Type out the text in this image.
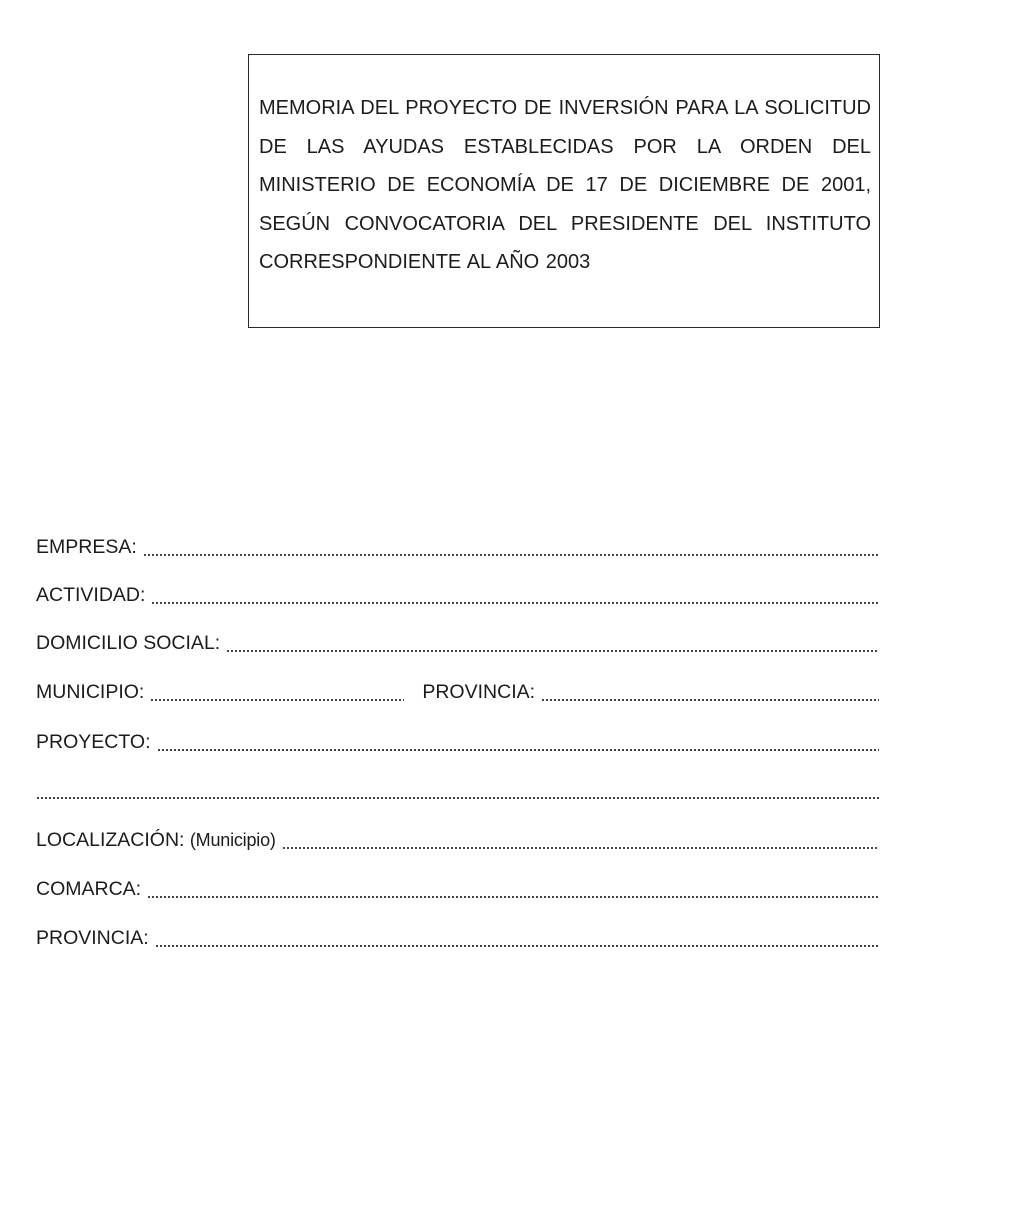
MEMORIA DEL PROYECTO DE INVERSIÓN PARA LA SOLICITUD DE LAS AYUDAS ESTABLECIDAS POR LA ORDEN DEL MINISTERIO DE ECONOMÍA DE 17 DE DICIEMBRE DE 2001, SEGÚN CONVOCATORIA DEL PRESIDENTE DEL INSTITUTO CORRESPONDIENTE AL AÑO 2003
EMPRESA:
ACTIVIDAD:
DOMICILIO SOCIAL:
MUNICIPIO:	PROVINCIA:
PROYECTO:
LOCALIZACIÓN: (Municipio)
COMARCA:
PROVINCIA:
